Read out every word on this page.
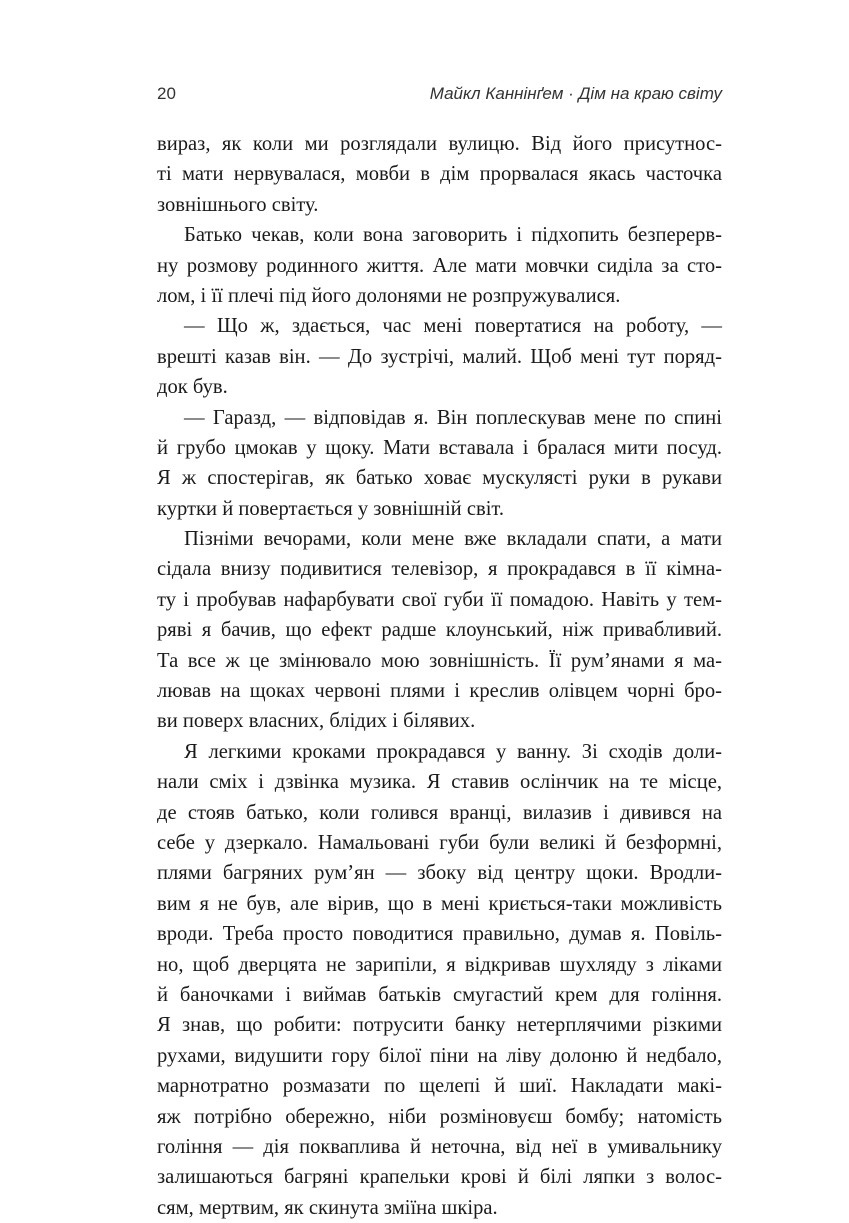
20	Майкл Каннінґем · Дім на краю світу
вираз, як коли ми розглядали вулицю. Від його присутнос-
ті мати нервувалася, мовби в дім прорвалася якась часточка
зовнішнього світу.
Батько чекав, коли вона заговорить і підхопить безперерв-
ну розмову родинного життя. Але мати мовчки сиділа за сто-
лом, і її плечі під його долонями не розпружувалися.
— Що ж, здається, час мені повертатися на роботу, —
врешті казав він. — До зустрічі, малий. Щоб мені тут поряд-
док був.
— Гаразд, — відповідав я. Він поплескував мене по спині
й грубо цмокав у щоку. Мати вставала і бралася мити посуд.
Я ж спостерігав, як батько ховає мускулясті руки в рукави
куртки й повертається у зовнішній світ.
Пізніми вечорами, коли мене вже вкладали спати, а мати
сідала внизу подивитися телевізор, я прокрадався в її кімна-
ту і пробував нафарбувати свої губи її помадою. Навіть у тем-
ряві я бачив, що ефект радше клоунський, ніж привабливий.
Та все ж це змінювало мою зовнішність. Її рум’янами я ма-
лював на щоках червоні плями і креслив олівцем чорні бро-
ви поверх власних, блідих і білявих.
Я легкими кроками прокрадався у ванну. Зі сходів доли-
нали сміх і дзвінка музика. Я ставив ослінчик на те місце,
де стояв батько, коли голився вранці, вилазив і дивився на
себе у дзеркало. Намальовані губи були великі й безформні,
плями багряних рум’ян — збоку від центру щоки. Вродли-
вим я не був, але вірив, що в мені криється-таки можливість
вроди. Треба просто поводитися правильно, думав я. Повіль-
но, щоб дверцята не зарипіли, я відкривав шухляду з ліками
й баночками і виймав батьків смугастий крем для гоління.
Я знав, що робити: потрусити банку нетерплячими різкими
рухами, видушити гору білої піни на ліву долоню й недбало,
марнотратно розмазати по щелепі й шиї. Накладати макі-
яж потрібно обережно, ніби розміновуєш бомбу; натомість
гоління — дія поквапливa й неточна, від неї в умивальнику
залишаються багряні крапельки крові й білі ляпки з волос-
сям, мертвим, як скинута зміїна шкіра.
